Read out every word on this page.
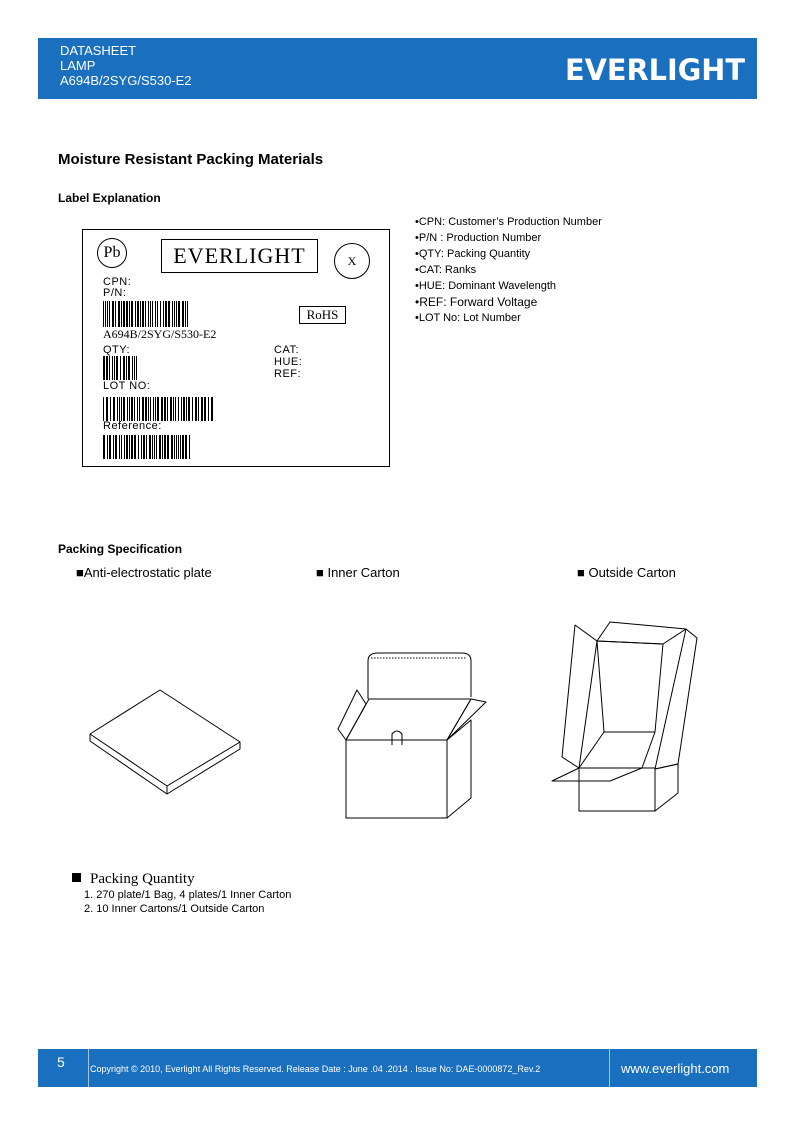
DATASHEET
LAMP
A694B/2SYG/S530-E2	EVERLIGHT
Moisture Resistant Packing Materials
Label Explanation
Pb	EVERLIGHT	X
CPN:
P/N:
RoHS
A694B/2SYG/S530-E2
QTY:	CAT:
HUE:
REF:
LOT NO:
Reference:
• CPN: Customer’s Production Number
• P/N : Production Number
• QTY: Packing Quantity
• CAT: Ranks
• HUE: Dominant Wavelength
• REF: Forward Voltage
• LOT No: Lot Number
Packing Specification
■Anti-electrostatic plate	■ Inner Carton	■ Outside Carton
Packing Quantity
1. 270 plate/1 Bag, 4 plates/1 Inner Carton
2. 10 Inner Cartons/1 Outside Carton
5	Copyright © 2010, Everlight All Rights Reserved. Release Date : June .04 .2014 . Issue No: DAE-0000872_Rev.2	www.everlight.com
